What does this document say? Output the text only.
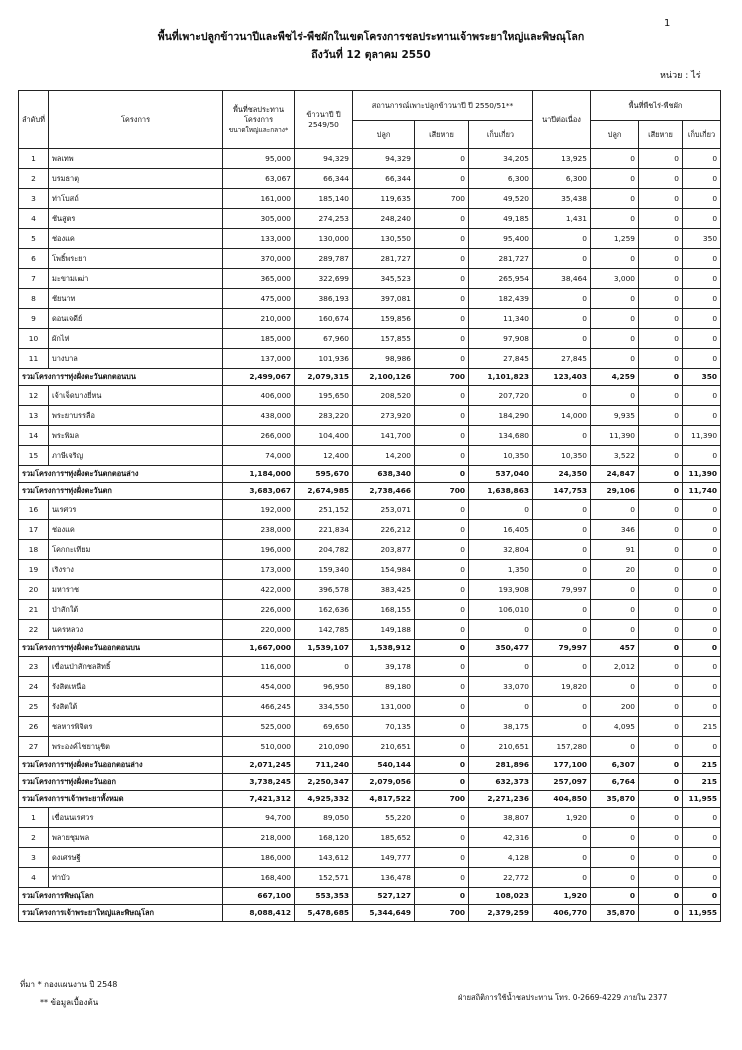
1
พื้นที่เพาะปลูกข้าวนาปีและพืชไร่-พืชผักในเขตโครงการชลประทานเจ้าพระยาใหญ่และพิษณุโลก
ถึงวันที่ 12 ตุลาคม 2550
หน่วย : ไร่
ลำดับที่	โครงการ	พื้นที่ชลประทานโครงการ
ขนาดใหญ่และกลาง*	ข้าวนาปี ปี 2549/50	สถานการณ์เพาะปลูกข้าวนาปี ปี 2550/51**			นาปีต่อเนื่อง	พื้นที่พืชไร่-พืชผัก		
				ปลูก	เสียหาย	เก็บเกี่ยว		ปลูก	เสียหาย	เก็บเกี่ยว
1	พลเทพ	95,000	94,329	94,329	0	34,205	13,925	0	0	0
2	บรมธาตุ	63,067	66,344	66,344	0	6,300	6,300	0	0	0
3	ท่าโบสถ์	161,000	185,140	119,635	700	49,520	35,438	0	0	0
4	ชันสูตร	305,000	274,253	248,240	0	49,185	1,431	0	0	0
5	ช่องแค	133,000	130,000	130,550	0	95,400	0	1,259	0	350
6	โพธิ์พระยา	370,000	289,787	281,727	0	281,727	0	0	0	0
7	มะขามเฒ่า	365,000	322,699	345,523	0	265,954	38,464	3,000	0	0
8	ชัยนาท	475,000	386,193	397,081	0	182,439	0	0	0	0
9	ดอนเจดีย์	210,000	160,674	159,856	0	11,340	0	0	0	0
10	ผักไห่	185,000	67,960	157,855	0	97,908	0	0	0	0
11	บางบาล	137,000	101,936	98,986	0	27,845	27,845	0	0	0
รวมโครงการฯทุ่งฝั่งตะวันตกตอนบน		2,499,067	2,079,315	2,100,126	700	1,101,823	123,403	4,259	0	350
12	เจ้าเจ็ดบางยี่หน	406,000	195,650	208,520	0	207,720	0	0	0	0
13	พระยาบรรลือ	438,000	283,220	273,920	0	184,290	14,000	9,935	0	0
14	พระพิมล	266,000	104,400	141,700	0	134,680	0	11,390	0	11,390
15	ภาษีเจริญ	74,000	12,400	14,200	0	10,350	10,350	3,522	0	0
รวมโครงการฯทุ่งฝั่งตะวันตกตอนล่าง		1,184,000	595,670	638,340	0	537,040	24,350	24,847	0	11,390
รวมโครงการฯทุ่งฝั่งตะวันตก		3,683,067	2,674,985	2,738,466	700	1,638,863	147,753	29,106	0	11,740
16	นเรศวร	192,000	251,152	253,071	0	0	0	0	0	0
17	ช่องแค	238,000	221,834	226,212	0	16,405	0	346	0	0
18	โคกกะเทียม	196,000	204,782	203,877	0	32,804	0	91	0	0
19	เริงราง	173,000	159,340	154,984	0	1,350	0	20	0	0
20	มหาราช	422,000	396,578	383,425	0	193,908	79,997	0	0	0
21	ป่าสักใต้	226,000	162,636	168,155	0	106,010	0	0	0	0
22	นครหลวง	220,000	142,785	149,188	0	0	0	0	0	0
รวมโครงการฯทุ่งฝั่งตะวันออกตอนบน		1,667,000	1,539,107	1,538,912	0	350,477	79,997	457	0	0
23	เขื่อนป่าสักชลสิทธิ์	116,000	0	39,178	0	0	0	2,012	0	0
24	รังสิตเหนือ	454,000	96,950	89,180	0	33,070	19,820	0	0	0
25	รังสิตใต้	466,245	334,550	131,000	0	0	0	200	0	0
26	ชลหารพิจิตร	525,000	69,650	70,135	0	38,175	0	4,095	0	215
27	พระองค์ไชยานุชิต	510,000	210,090	210,651	0	210,651	157,280	0	0	0
รวมโครงการฯทุ่งฝั่งตะวันออกตอนล่าง		2,071,245	711,240	540,144	0	281,896	177,100	6,307	0	215
รวมโครงการฯทุ่งฝั่งตะวันออก		3,738,245	2,250,347	2,079,056	0	632,373	257,097	6,764	0	215
รวมโครงการฯเจ้าพระยาทั้งหมด		7,421,312	4,925,332	4,817,522	700	2,271,236	404,850	35,870	0	11,955
1	เขื่อนนเรศวร	94,700	89,050	55,220	0	38,807	1,920	0	0	0
2	พลายชุมพล	218,000	168,120	185,652	0	42,316	0	0	0	0
3	ดงเศรษฐี	186,000	143,612	149,777	0	4,128	0	0	0	0
4	ท่าบัว	168,400	152,571	136,478	0	22,772	0	0	0	0
รวมโครงการพิษณุโลก		667,100	553,353	527,127	0	108,023	1,920	0	0	0
รวมโครงการเจ้าพระยาใหญ่และพิษณุโลก		8,088,412	5,478,685	5,344,649	700	2,379,259	406,770	35,870	0	11,955
ที่มา * กองแผนงาน ปี 2548
** ข้อมูลเบื้องต้น
ฝ่ายสถิติการใช้น้ำชลประทาน โทร. 0-2669-4229 ภายใน 2377
